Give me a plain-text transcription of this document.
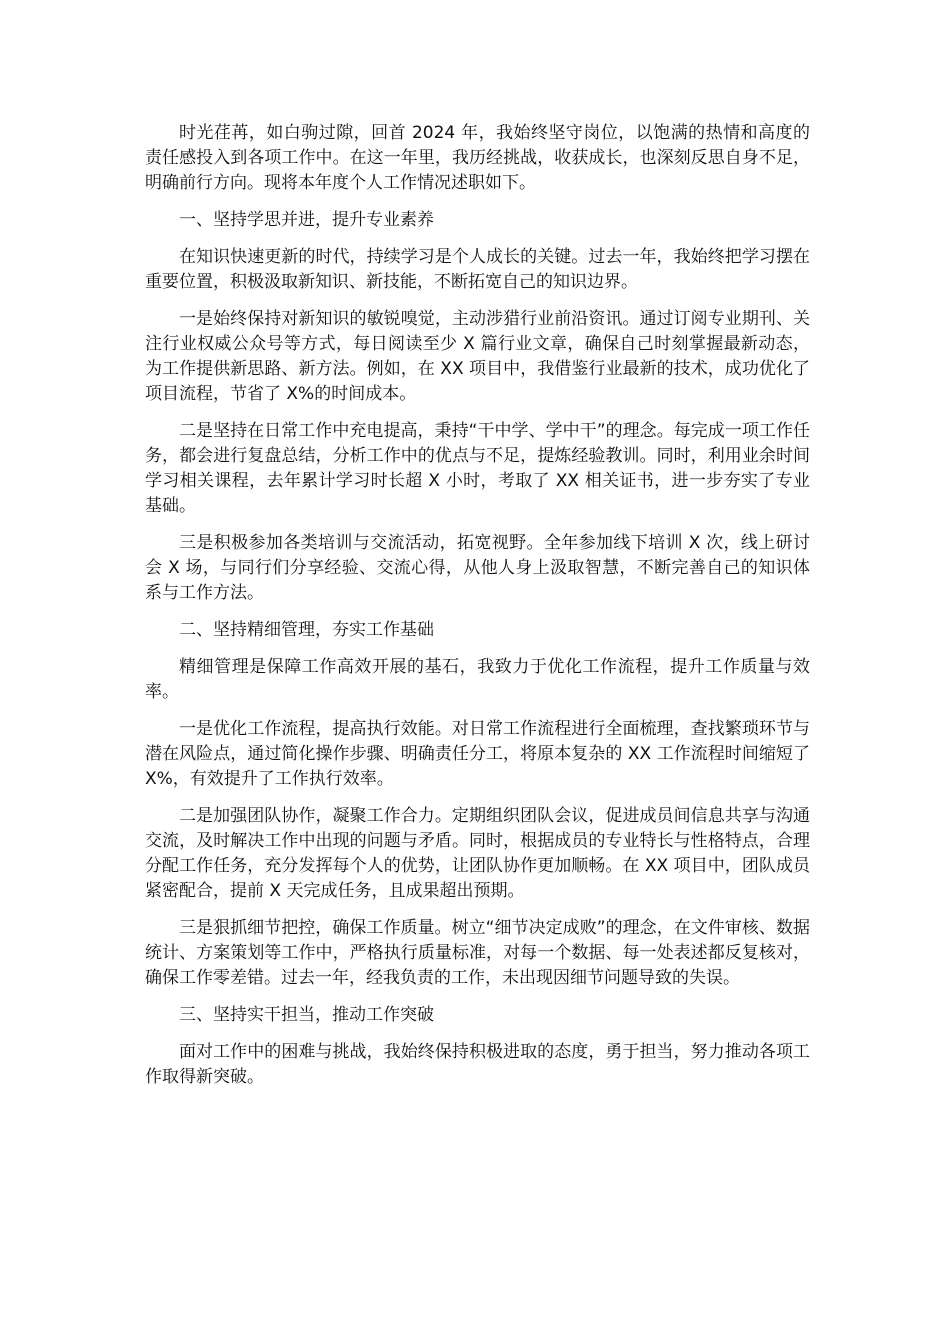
时光荏苒，如白驹过隙，回首 2024 年，我始终坚守岗位，以饱满的热情和高度的责任感投入到各项工作中。在这一年里，我历经挑战，收获成长，也深刻反思自身不足，明确前行方向。现将本年度个人工作情况述职如下。

一、坚持学思并进，提升专业素养

在知识快速更新的时代，持续学习是个人成长的关键。过去一年，我始终把学习摆在重要位置，积极汲取新知识、新技能，不断拓宽自己的知识边界。

一是始终保持对新知识的敏锐嗅觉，主动涉猎行业前沿资讯。通过订阅专业期刊、关注行业权威公众号等方式，每日阅读至少 X 篇行业文章，确保自己时刻掌握最新动态，为工作提供新思路、新方法。例如，在 XX 项目中，我借鉴行业最新的技术，成功优化了项目流程，节省了 X%的时间成本。

二是坚持在日常工作中充电提高，秉持“干中学、学中干”的理念。每完成一项工作任务，都会进行复盘总结，分析工作中的优点与不足，提炼经验教训。同时，利用业余时间学习相关课程，去年累计学习时长超 X 小时，考取了 XX 相关证书，进一步夯实了专业基础。

三是积极参加各类培训与交流活动，拓宽视野。全年参加线下培训 X 次，线上研讨会 X 场，与同行们分享经验、交流心得，从他人身上汲取智慧，不断完善自己的知识体系与工作方法。

二、坚持精细管理，夯实工作基础

精细管理是保障工作高效开展的基石，我致力于优化工作流程，提升工作质量与效率。

一是优化工作流程，提高执行效能。对日常工作流程进行全面梳理，查找繁琐环节与潜在风险点，通过简化操作步骤、明确责任分工，将原本复杂的 XX 工作流程时间缩短了 X%，有效提升了工作执行效率。

二是加强团队协作，凝聚工作合力。定期组织团队会议，促进成员间信息共享与沟通交流，及时解决工作中出现的问题与矛盾。同时，根据成员的专业特长与性格特点，合理分配工作任务，充分发挥每个人的优势，让团队协作更加顺畅。在 XX 项目中，团队成员紧密配合，提前 X 天完成任务，且成果超出预期。

三是狠抓细节把控，确保工作质量。树立“细节决定成败”的理念，在文件审核、数据统计、方案策划等工作中，严格执行质量标准，对每一个数据、每一处表述都反复核对，确保工作零差错。过去一年，经我负责的工作，未出现因细节问题导致的失误。

三、坚持实干担当，推动工作突破

面对工作中的困难与挑战，我始终保持积极进取的态度，勇于担当，努力推动各项工作取得新突破。
